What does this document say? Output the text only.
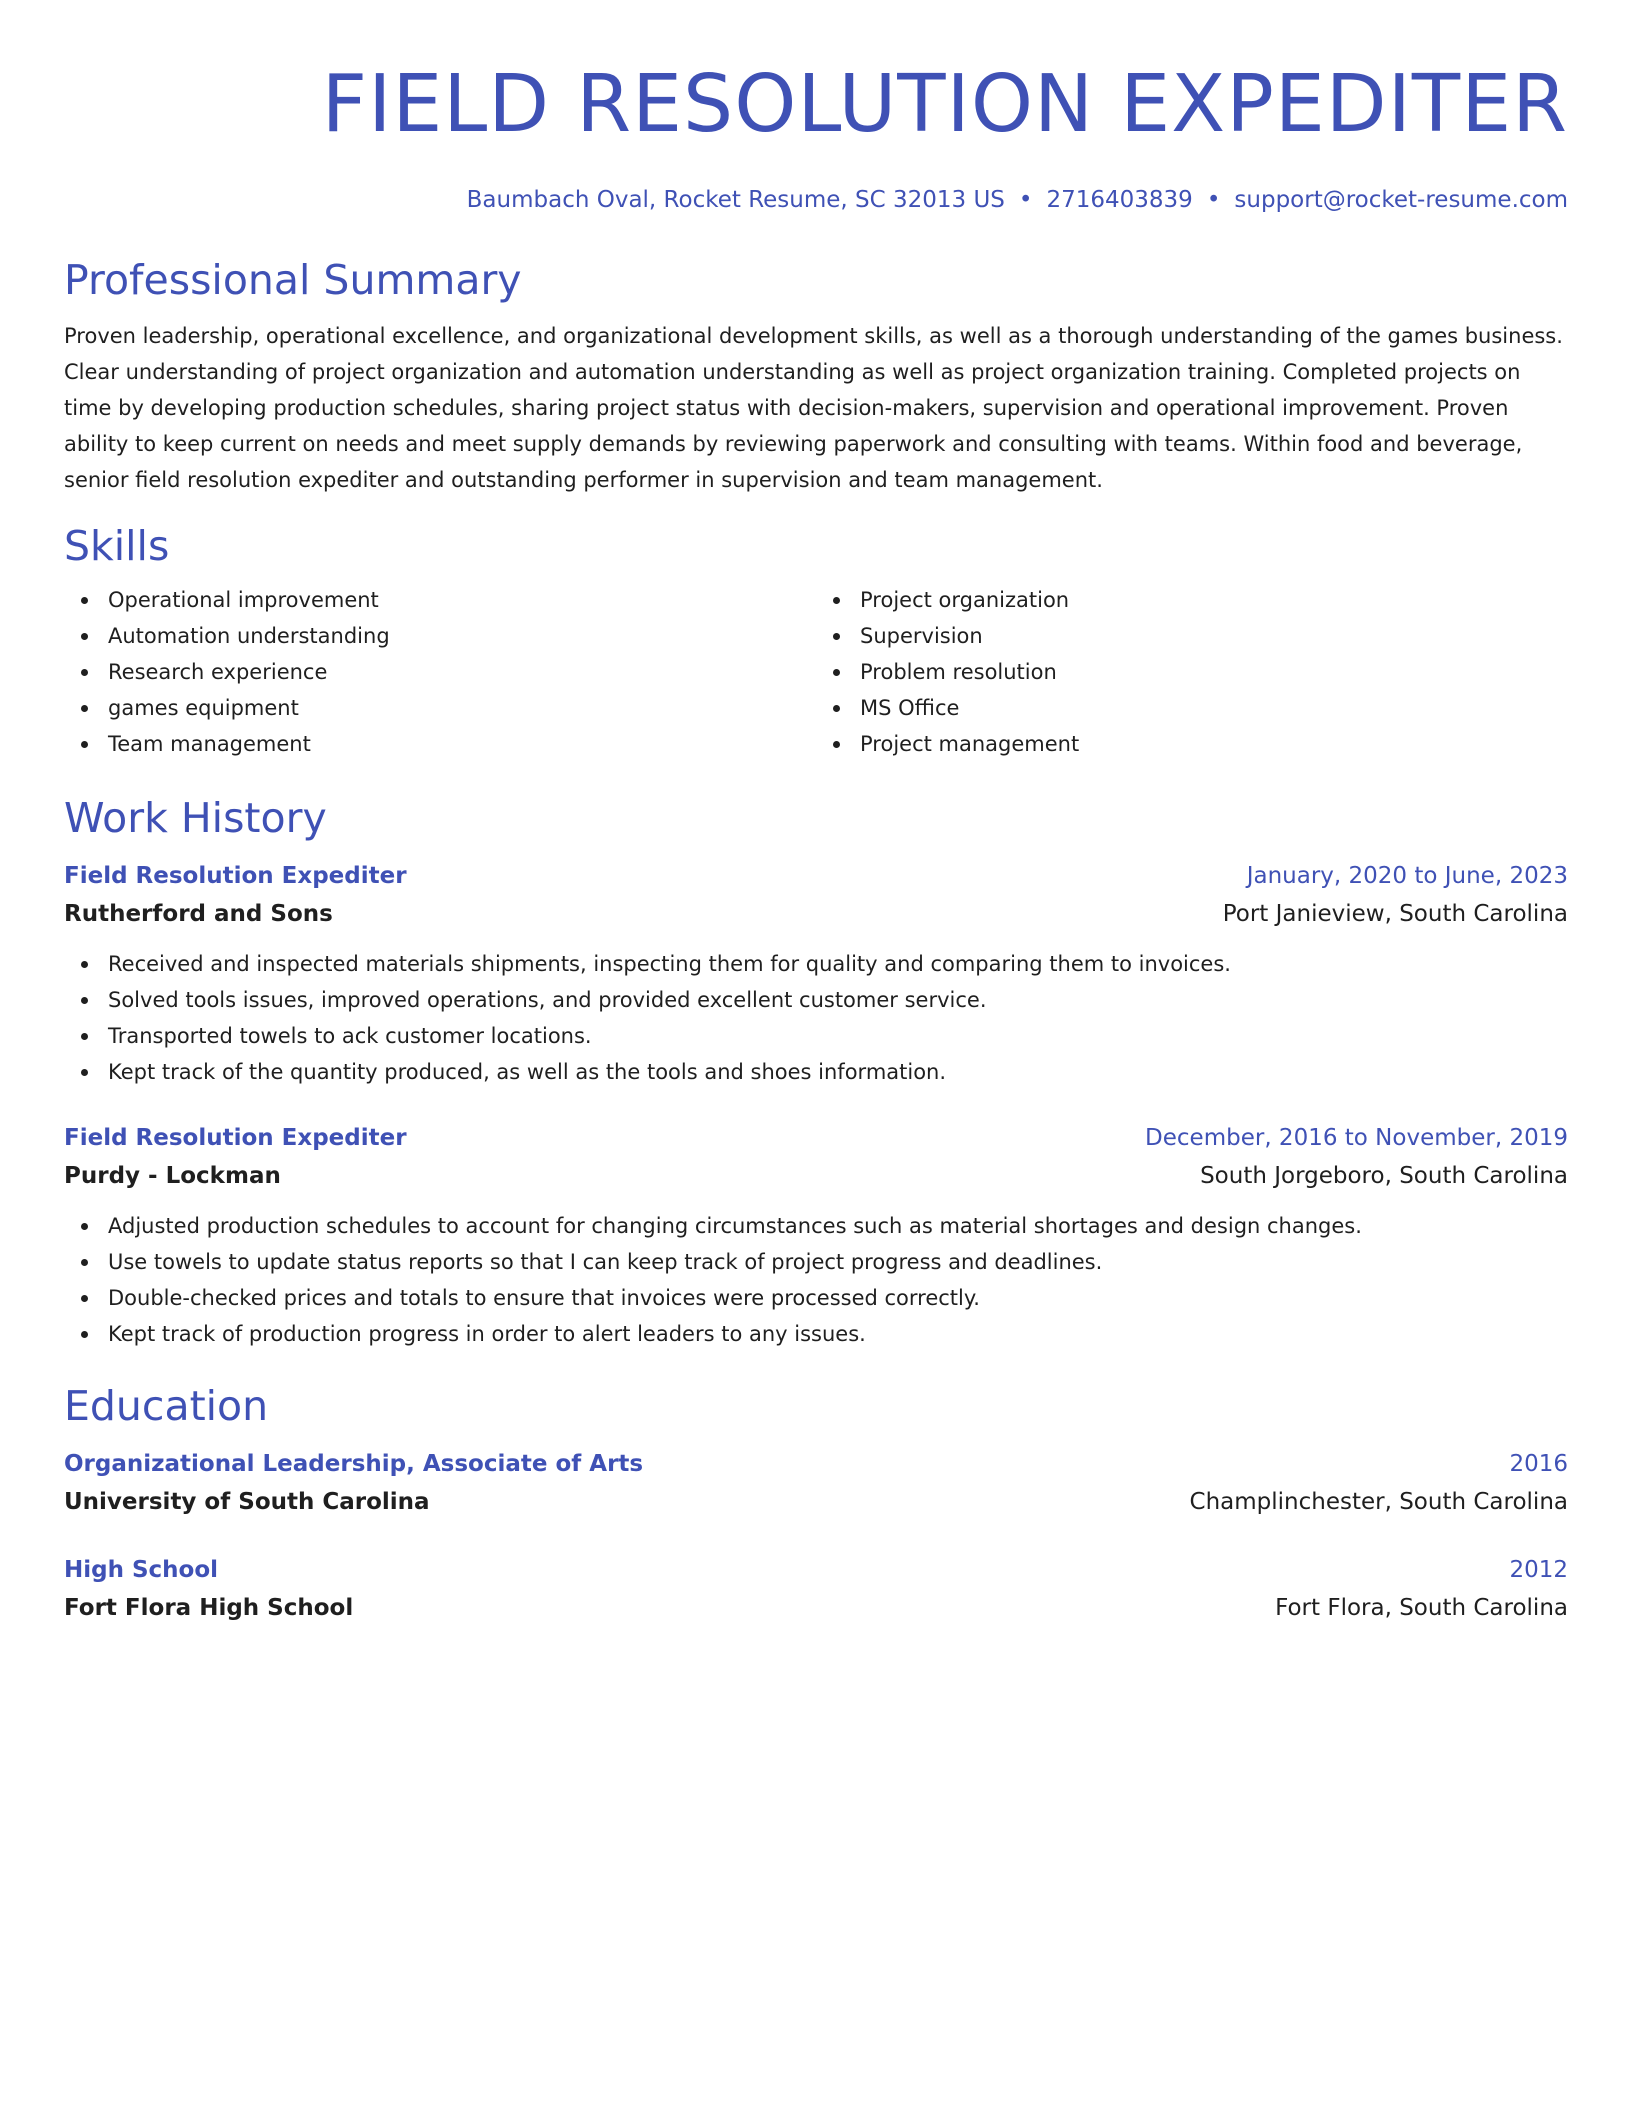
FIELD RESOLUTION EXPEDITER
Baumbach Oval, Rocket Resume, SC 32013 US • 2716403839 • support@rocket-resume.com
Professional Summary
Proven leadership, operational excellence, and organizational development skills, as well as a thorough understanding of the games business. Clear understanding of project organization and automation understanding as well as project organization training. Completed projects on time by developing production schedules, sharing project status with decision-makers, supervision and operational improvement. Proven ability to keep current on needs and meet supply demands by reviewing paperwork and consulting with teams. Within food and beverage, senior field resolution expediter and outstanding performer in supervision and team management.
Skills
Operational improvement
Automation understanding
Research experience
games equipment
Team management
Project organization
Supervision
Problem resolution
MS Office
Project management
Work History
Field Resolution Expediter	January, 2020 to June, 2023
Rutherford and Sons	Port Janieview, South Carolina
Received and inspected materials shipments, inspecting them for quality and comparing them to invoices.
Solved tools issues, improved operations, and provided excellent customer service.
Transported towels to ack customer locations.
Kept track of the quantity produced, as well as the tools and shoes information.
Field Resolution Expediter	December, 2016 to November, 2019
Purdy - Lockman	South Jorgeboro, South Carolina
Adjusted production schedules to account for changing circumstances such as material shortages and design changes.
Use towels to update status reports so that I can keep track of project progress and deadlines.
Double-checked prices and totals to ensure that invoices were processed correctly.
Kept track of production progress in order to alert leaders to any issues.
Education
Organizational Leadership, Associate of Arts	2016
University of South Carolina	Champlinchester, South Carolina
High School	2012
Fort Flora High School	Fort Flora, South Carolina
